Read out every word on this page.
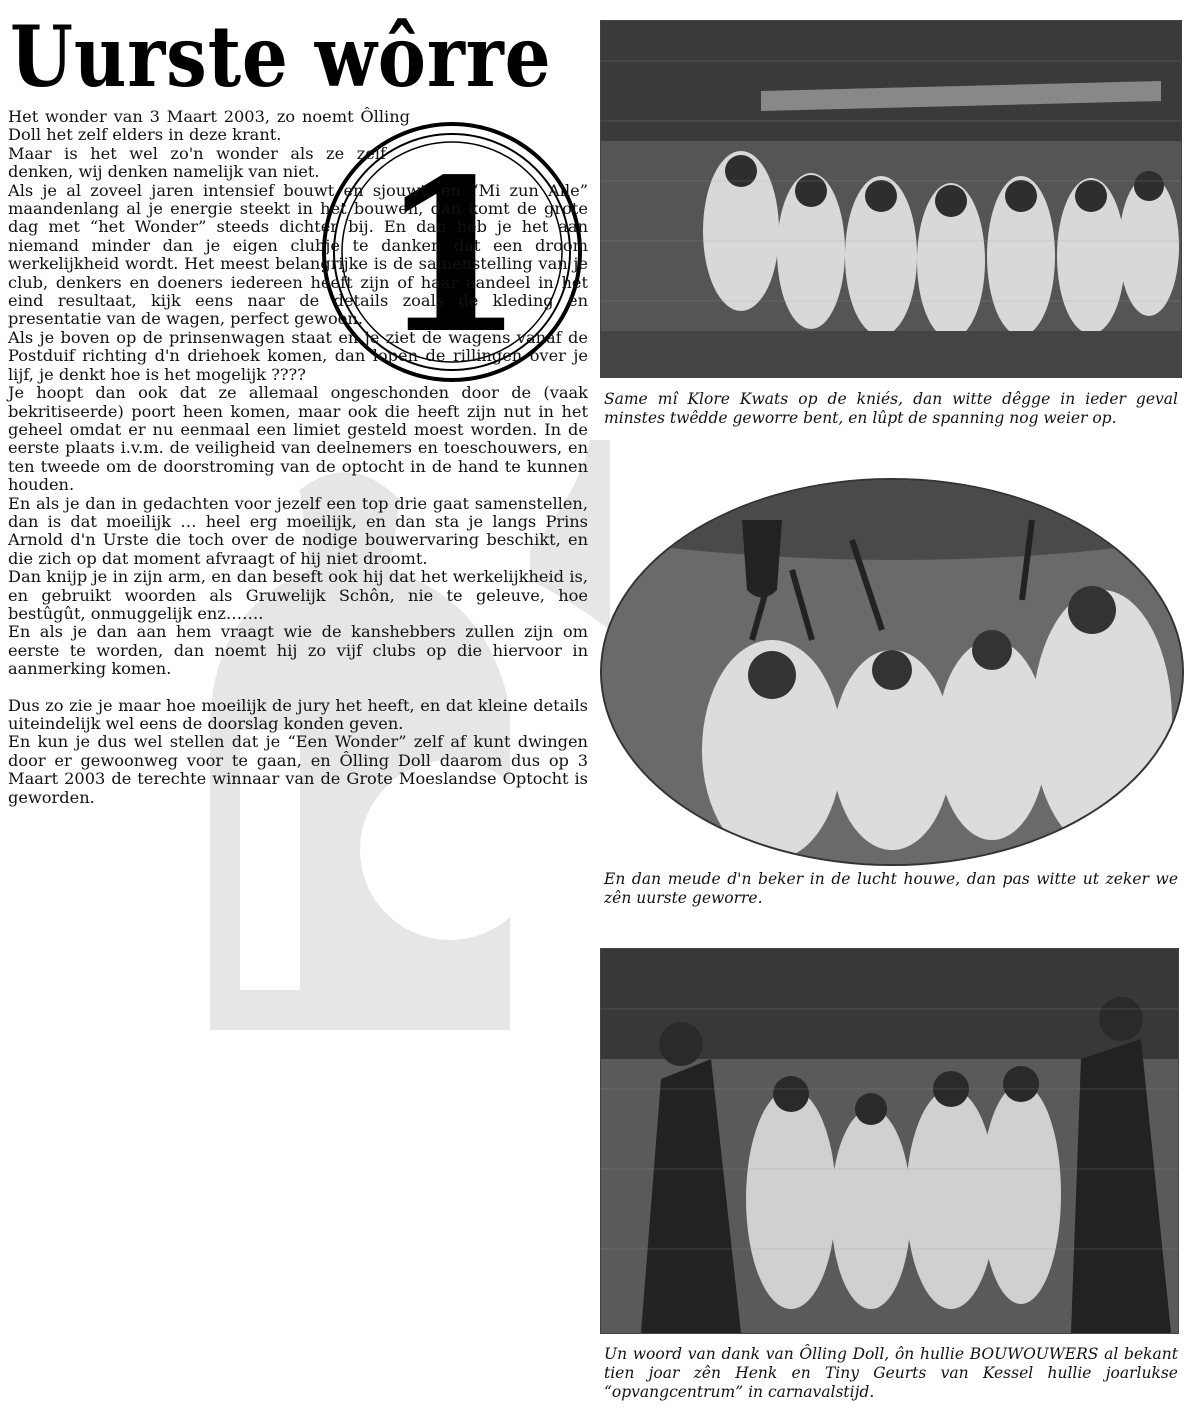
Uurste wôrre
1

Het wonder van 3 Maart 2003, zo noemt Ôlling Doll het zelf elders in deze krant.

Maar is het wel zo'n wonder als ze zelf denken, wij denken namelijk van niet.

Als je al zoveel jaren intensief bouwt en sjouwt, en “Mi zun Alle” maandenlang al je energie steekt in het bouwen, dan komt de grote dag met “het Wonder” steeds dichter bij. En dan heb je het aan niemand minder dan je eigen clubje te danken dat een droom werkelijkheid wordt. Het meest belangrijke is de samenstelling van je club, denkers en doeners iedereen heeft zijn of haar aandeel in het eind resultaat, kijk eens naar de details zoals de kleding en presentatie van de wagen, perfect gewoon.

Als je boven op de prinsenwagen staat en je ziet de wagens vanaf de Postduif richting d'n driehoek komen, dan lopen de rillingen over je lijf, je denkt hoe is het mogelijk ????

Je hoopt dan ook dat ze allemaal ongeschonden door de (vaak bekritiseerde) poort heen komen, maar ook die heeft zijn nut in het geheel omdat er nu eenmaal een limiet gesteld moest worden. In de eerste plaats i.v.m. de veiligheid van deelnemers en toeschouwers, en ten tweede om de doorstroming van de optocht in de hand te kunnen houden.

En als je dan in gedachten voor jezelf een top drie gaat samenstellen, dan is dat moeilijk … heel erg moeilijk, en dan sta je langs Prins Arnold d'n Urste die toch over de nodige bouwervaring beschikt, en die zich op dat moment afvraagt of hij niet droomt.

Dan knijp je in zijn arm, en dan beseft ook hij dat het werkelijkheid is, en gebruikt woorden als Gruwelijk Schôn, nie te geleuve, hoe bestûgût, onmuggelijk enz…….

En als je dan aan hem vraagt wie de kanshebbers zullen zijn om eerste te worden, dan noemt hij zo vijf clubs op die hiervoor in aanmerking komen.

Dus zo zie je maar hoe moeilijk de jury het heeft, en dat kleine details uiteindelijk wel eens de doorslag konden geven.

En kun je dus wel stellen dat je “Een Wonder” zelf af kunt dwingen door er gewoonweg voor te gaan, en Ôlling Doll daarom dus op 3 Maart 2003 de terechte winnaar van de Grote Moeslandse Optocht is geworden.

Same mî Klore Kwats op de kniés, dan witte dêgge in ieder geval minstes twêdde geworre bent, en lûpt de spanning nog weier op.
En dan meude d'n beker in de lucht houwe, dan pas witte ut zeker we zên uurste geworre.
Un woord van dank van Ôlling Doll, ôn hullie BOUWOUWERS al bekant tien joar zên Henk en Tiny Geurts van Kessel hullie joarlukse “opvangcentrum” in carnavalstijd.
